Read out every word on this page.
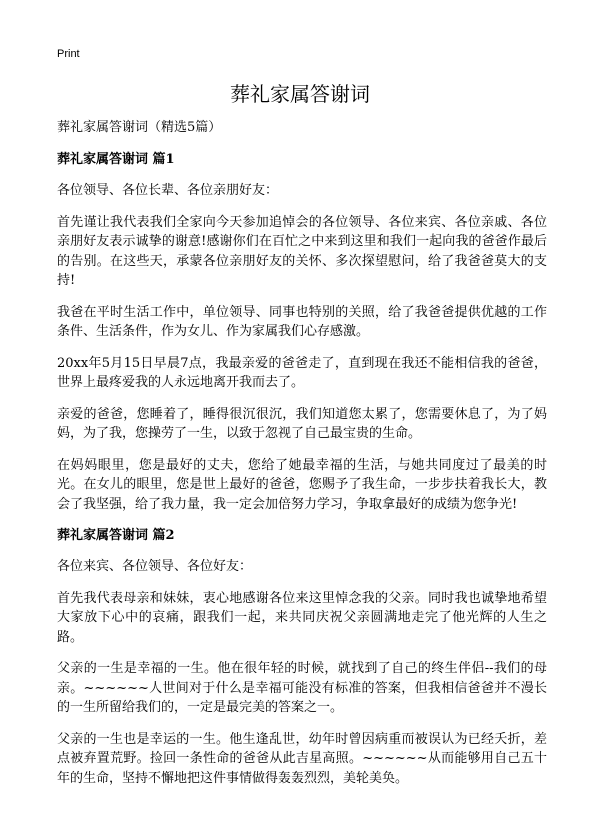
Print
葬礼家属答谢词

葬礼家属答谢词（精选5篇）

葬礼家属答谢词 篇1

各位领导、各位长辈、各位亲朋好友：

首先谨让我代表我们全家向今天参加追悼会的各位领导、各位来宾、各位亲戚、各位亲朋好友表示诚挚的谢意!感谢你们在百忙之中来到这里和我们一起向我的爸爸作最后的告别。在这些天，承蒙各位亲朋好友的关怀、多次探望慰问，给了我爸爸莫大的支持!

我爸在平时生活工作中，单位领导、同事也特别的关照，给了我爸爸提供优越的工作条件、生活条件，作为女儿、作为家属我们心存感激。

20xx年5月15日早晨7点，我最亲爱的爸爸走了，直到现在我还不能相信我的爸爸，世界上最疼爱我的人永远地离开我而去了。

亲爱的爸爸，您睡着了，睡得很沉很沉，我们知道您太累了，您需要休息了，为了妈妈，为了我，您操劳了一生，以致于忽视了自己最宝贵的生命。

在妈妈眼里，您是最好的丈夫，您给了她最幸福的生活，与她共同度过了最美的时光。在女儿的眼里，您是世上最好的爸爸，您赐予了我生命，一步步扶着我长大，教会了我坚强，给了我力量，我一定会加倍努力学习，争取拿最好的成绩为您争光!

葬礼家属答谢词 篇2

各位来宾、各位领导、各位好友：

首先我代表母亲和妹妹，衷心地感谢各位来这里悼念我的父亲。同时我也诚挚地希望大家放下心中的哀痛，跟我们一起，来共同庆祝父亲圆满地走完了他光辉的人生之路。

父亲的一生是幸福的一生。他在很年轻的时候，就找到了自己的终生伴侣--我们的母亲。~~~~~~人世间对于什么是幸福可能没有标准的答案，但我相信爸爸并不漫长的一生所留给我们的，一定是最完美的答案之一。

父亲的一生也是幸运的一生。他生逢乱世，幼年时曾因病重而被误认为已经夭折，差点被弃置荒野。捡回一条性命的爸爸从此吉星高照。~~~~~~从而能够用自己五十年的生命，坚持不懈地把这件事情做得轰轰烈烈，美轮美奂。
